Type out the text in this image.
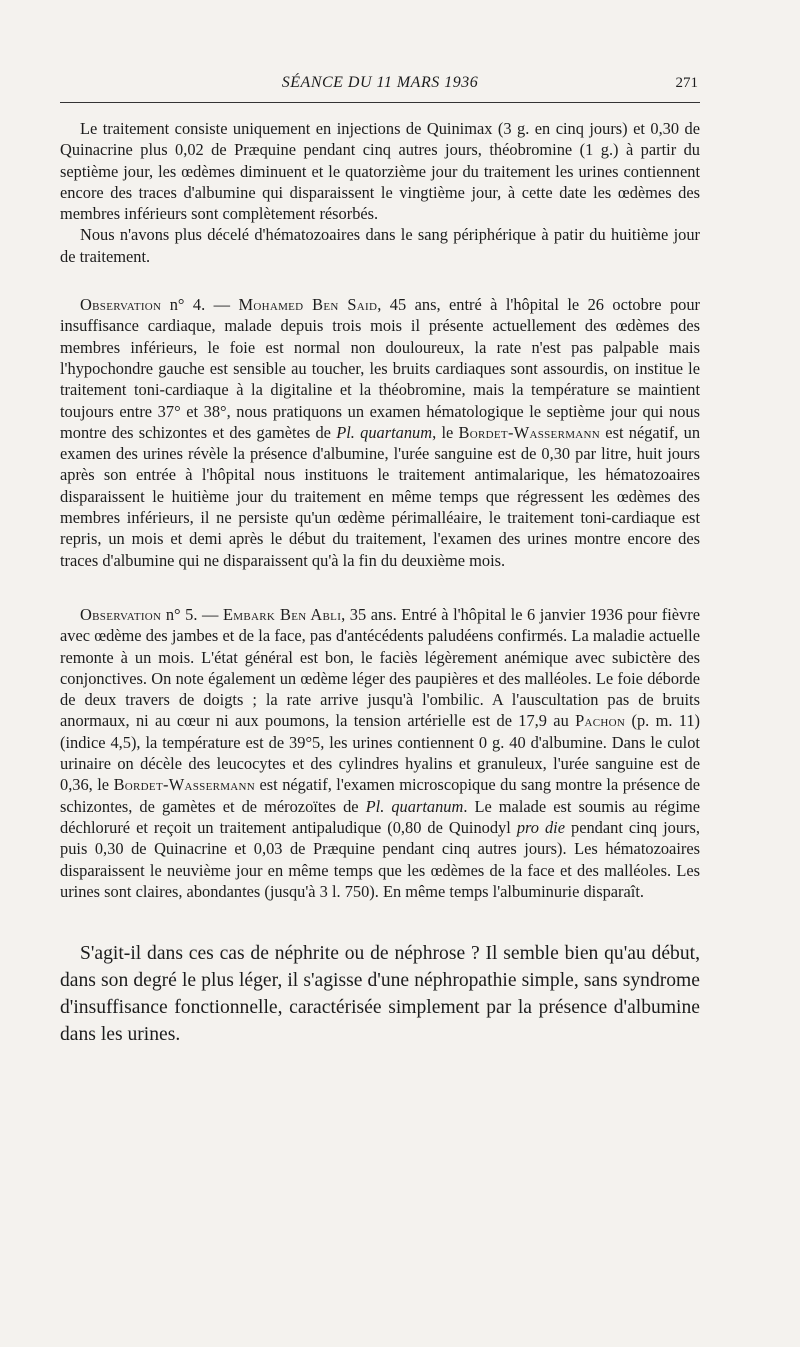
SÉANCE DU 11 MARS 1936	271

Le traitement consiste uniquement en injections de Quinimax (3 g. en cinq jours) et 0,30 de Quinacrine plus 0,02 de Præquine pendant cinq autres jours, théobromine (1 g.) à partir du septième jour, les œdèmes diminuent et le quatorzième jour du traitement les urines contiennent encore des traces d'albumine qui disparaissent le vingtième jour, à cette date les œdèmes des membres inférieurs sont complètement résorbés.

Nous n'avons plus décelé d'hématozoaires dans le sang périphérique à patir du huitième jour de traitement.

Observation n° 4. — Mohamed Ben Said, 45 ans, entré à l'hôpital le 26 octobre pour insuffisance cardiaque, malade depuis trois mois il présente actuellement des œdèmes des membres inférieurs, le foie est normal non douloureux, la rate n'est pas palpable mais l'hypochondre gauche est sensible au toucher, les bruits cardiaques sont assourdis, on institue le traitement toni-cardiaque à la digitaline et la théobromine, mais la température se maintient toujours entre 37° et 38°, nous pratiquons un examen hématologique le septième jour qui nous montre des schizontes et des gamètes de Pl. quartanum, le Bordet-Wassermann est négatif, un examen des urines révèle la présence d'albumine, l'urée sanguine est de 0,30 par litre, huit jours après son entrée à l'hôpital nous instituons le traitement antimalarique, les hématozoaires disparaissent le huitième jour du traitement en même temps que régressent les œdèmes des membres inférieurs, il ne persiste qu'un œdème périmalléaire, le traitement toni-cardiaque est repris, un mois et demi après le début du traitement, l'examen des urines montre encore des traces d'albumine qui ne disparaissent qu'à la fin du deuxième mois.

Observation n° 5. — Embark Ben Abli, 35 ans. Entré à l'hôpital le 6 janvier 1936 pour fièvre avec œdème des jambes et de la face, pas d'antécédents paludéens confirmés. La maladie actuelle remonte à un mois. L'état général est bon, le faciès légèrement anémique avec subictère des conjonctives. On note également un œdème léger des paupières et des malléoles. Le foie déborde de deux travers de doigts ; la rate arrive jusqu'à l'ombilic. A l'auscultation pas de bruits anormaux, ni au cœur ni aux poumons, la tension artérielle est de 17,9 au Pachon (p. m. 11) (indice 4,5), la température est de 39°5, les urines contiennent 0 g. 40 d'albumine. Dans le culot urinaire on décèle des leucocytes et des cylindres hyalins et granuleux, l'urée sanguine est de 0,36, le Bordet-Wassermann est négatif, l'examen microscopique du sang montre la présence de schizontes, de gamètes et de mérozoïtes de Pl. quartanum. Le malade est soumis au régime déchloruré et reçoit un traitement antipaludique (0,80 de Quinodyl pro die pendant cinq jours, puis 0,30 de Quinacrine et 0,03 de Præquine pendant cinq autres jours). Les hématozoaires disparaissent le neuvième jour en même temps que les œdèmes de la face et des malléoles. Les urines sont claires, abondantes (jusqu'à 3 l. 750). En même temps l'albuminurie disparaît.

S'agit-il dans ces cas de néphrite ou de néphrose ? Il semble bien qu'au début, dans son degré le plus léger, il s'agisse d'une néphropathie simple, sans syndrome d'insuffisance fonctionnelle, caractérisée simplement par la présence d'albumine dans les urines.
